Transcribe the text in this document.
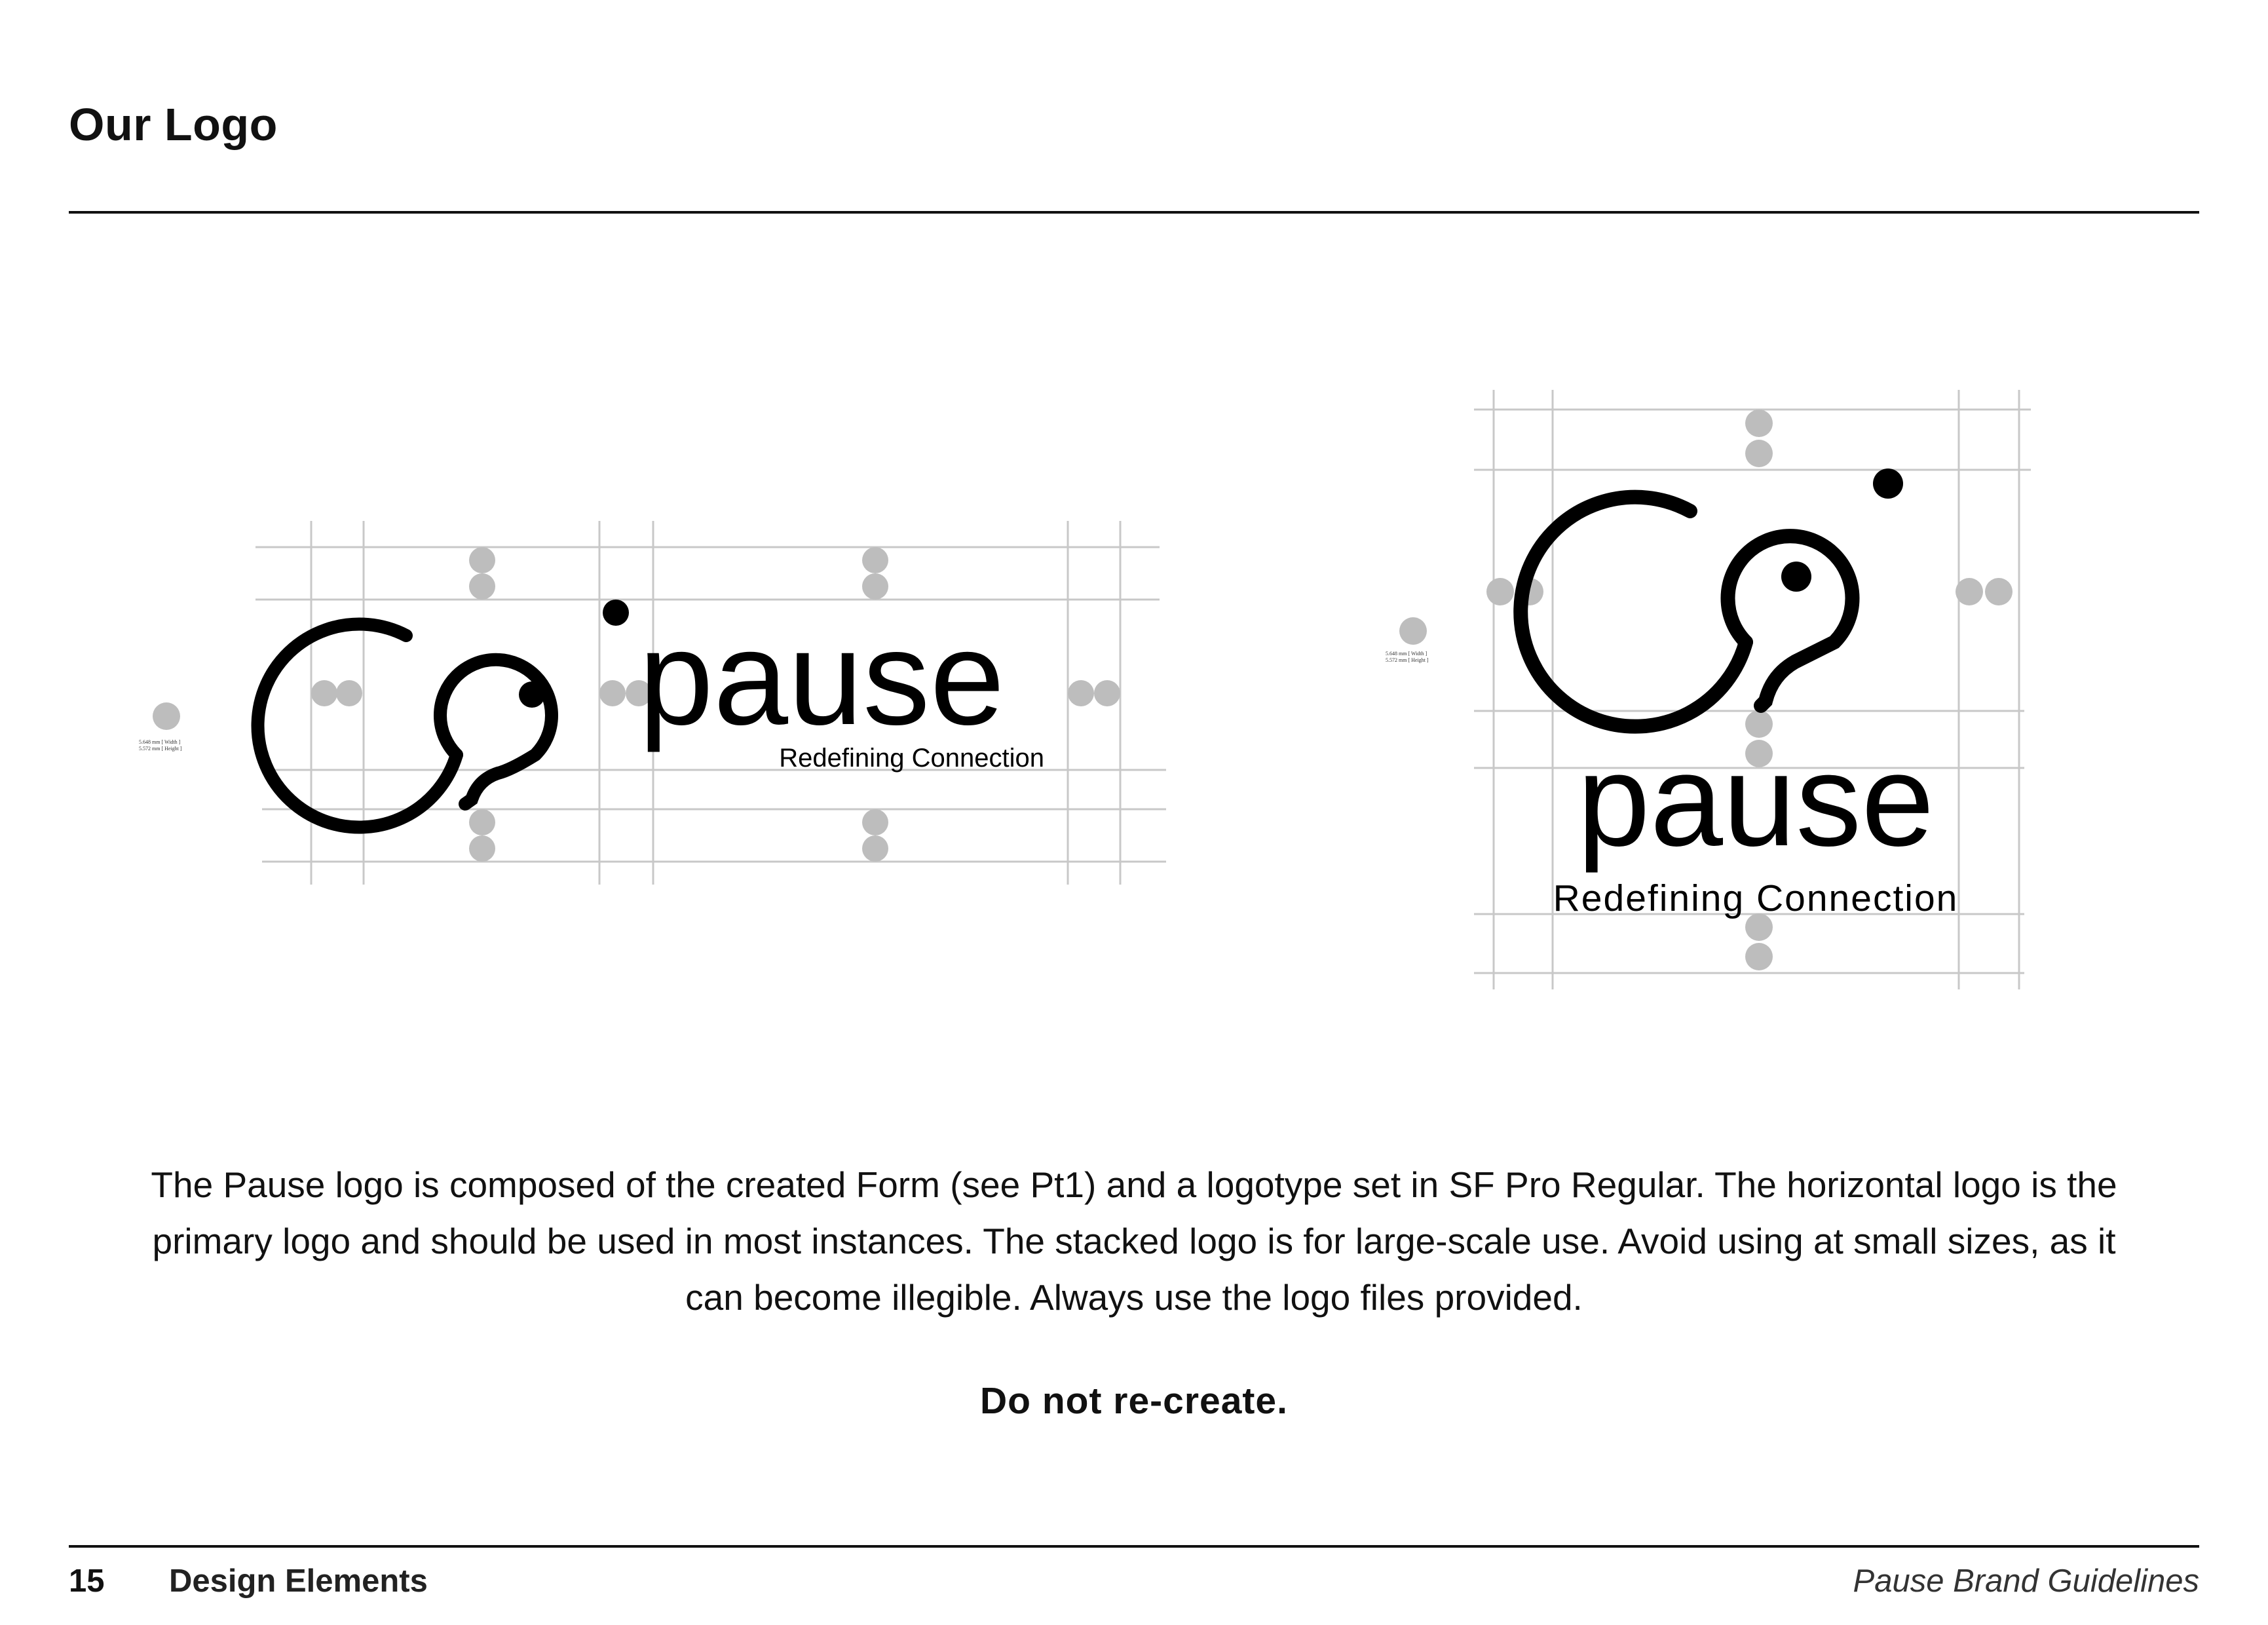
Our Logo
5.648 mm [ Width ]
5.572 mm [ Height ]	pause
Redefining Connection
5.648 mm [ Width ]
5.572 mm [ Height ]
pause
Redefining Connection

The Pause logo is composed of the created Form (see Pt1) and a logotype set in SF Pro Regular. The horizontal logo is the primary logo and should be used in most instances. The stacked logo is for large-scale use. Avoid using at small sizes, as it can become illegible. Always use the logo files provided.

Do not re-create.

15 Design Elements	Pause Brand Guidelines
